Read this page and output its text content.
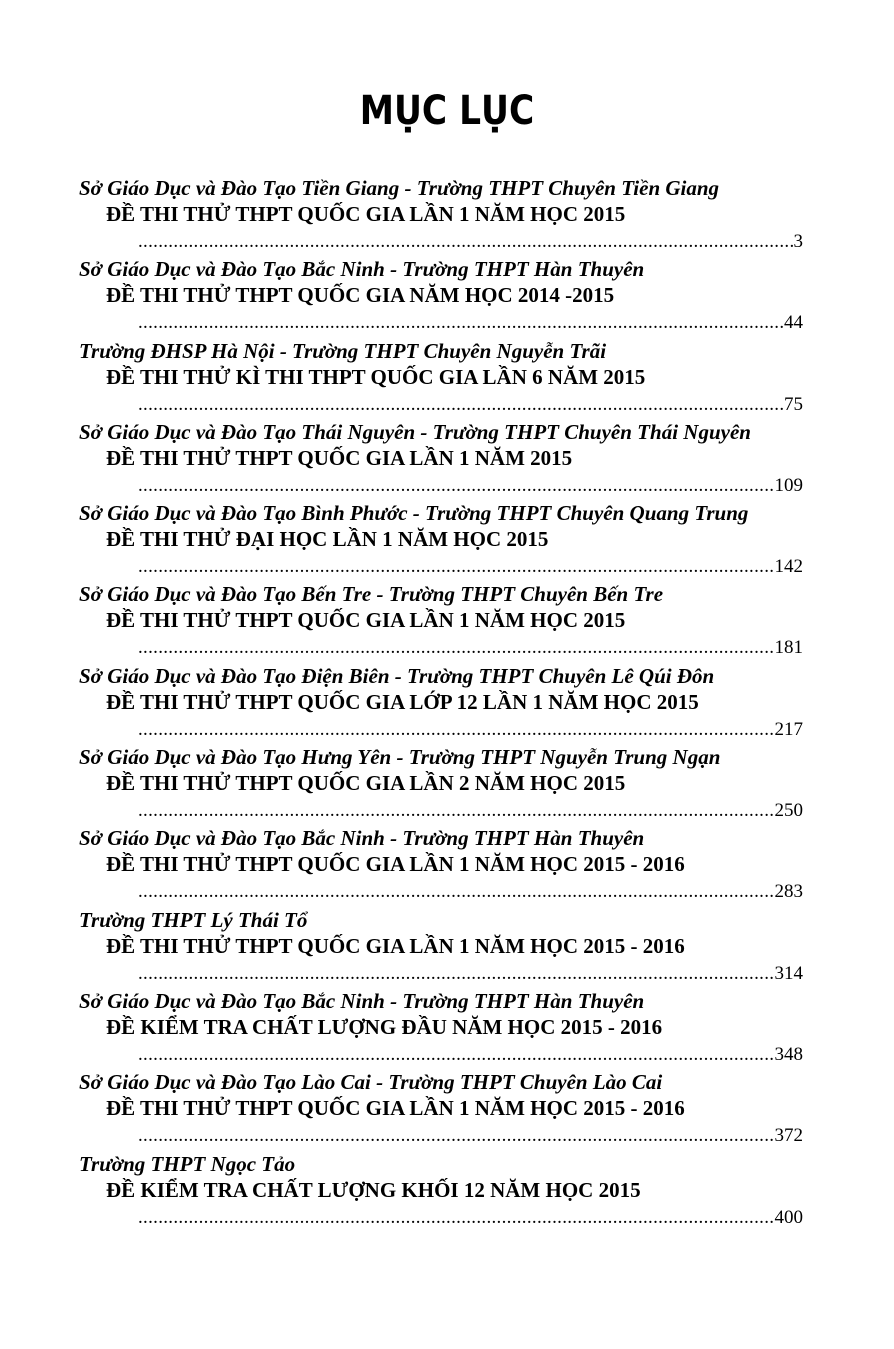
MỤC LỤC
Sở Giáo Dục và Đào Tạo Tiền Giang - Trường THPT Chuyên Tiền Giang
ĐỀ THI THỬ THPT QUỐC GIA LẦN 1 NĂM HỌC 2015
.....
3
Sở Giáo Dục và Đào Tạo Bắc Ninh - Trường THPT Hàn Thuyên
ĐỀ THI THỬ THPT QUỐC GIA NĂM HỌC 2014 -2015
.....
44
Trường ĐHSP Hà Nội - Trường THPT Chuyên Nguyễn Trãi
ĐỀ THI THỬ KÌ THI THPT QUỐC GIA LẦN 6 NĂM 2015
.....
75
Sở Giáo Dục và Đào Tạo Thái Nguyên - Trường THPT Chuyên Thái Nguyên
ĐỀ THI THỬ THPT QUỐC GIA LẦN 1 NĂM 2015
.....
109
Sở Giáo Dục và Đào Tạo Bình Phước - Trường THPT Chuyên Quang Trung
ĐỀ THI THỬ ĐẠI HỌC LẦN 1 NĂM HỌC 2015
.....
142
Sở Giáo Dục và Đào Tạo Bến Tre - Trường THPT Chuyên Bến Tre
ĐỀ THI THỬ THPT QUỐC GIA LẦN 1 NĂM HỌC 2015
.....
181
Sở Giáo Dục và Đào Tạo Điện Biên - Trường THPT Chuyên Lê Qúi Đôn
ĐỀ THI THỬ THPT QUỐC GIA LỚP 12 LẦN 1 NĂM HỌC 2015
.....
217
Sở Giáo Dục và Đào Tạo Hưng Yên - Trường THPT Nguyễn Trung Ngạn
ĐỀ THI THỬ THPT QUỐC GIA LẦN 2 NĂM HỌC 2015
.....
250
Sở Giáo Dục và Đào Tạo Bắc Ninh - Trường THPT Hàn Thuyên
ĐỀ THI THỬ THPT QUỐC GIA LẦN 1 NĂM HỌC 2015 - 2016
.....
283
Trường THPT Lý Thái Tổ
ĐỀ THI THỬ THPT QUỐC GIA LẦN 1 NĂM HỌC 2015 - 2016
.....
314
Sở Giáo Dục và Đào Tạo Bắc Ninh - Trường THPT Hàn Thuyên
ĐỀ KIỂM TRA CHẤT LƯỢNG ĐẦU NĂM HỌC 2015 - 2016
.....
348
Sở Giáo Dục và Đào Tạo Lào Cai - Trường THPT Chuyên Lào Cai
ĐỀ THI THỬ THPT QUỐC GIA LẦN 1 NĂM HỌC 2015 - 2016
.....
372
Trường THPT Ngọc Tảo
ĐỀ KIỂM TRA CHẤT LƯỢNG KHỐI 12 NĂM HỌC 2015
.....
400
